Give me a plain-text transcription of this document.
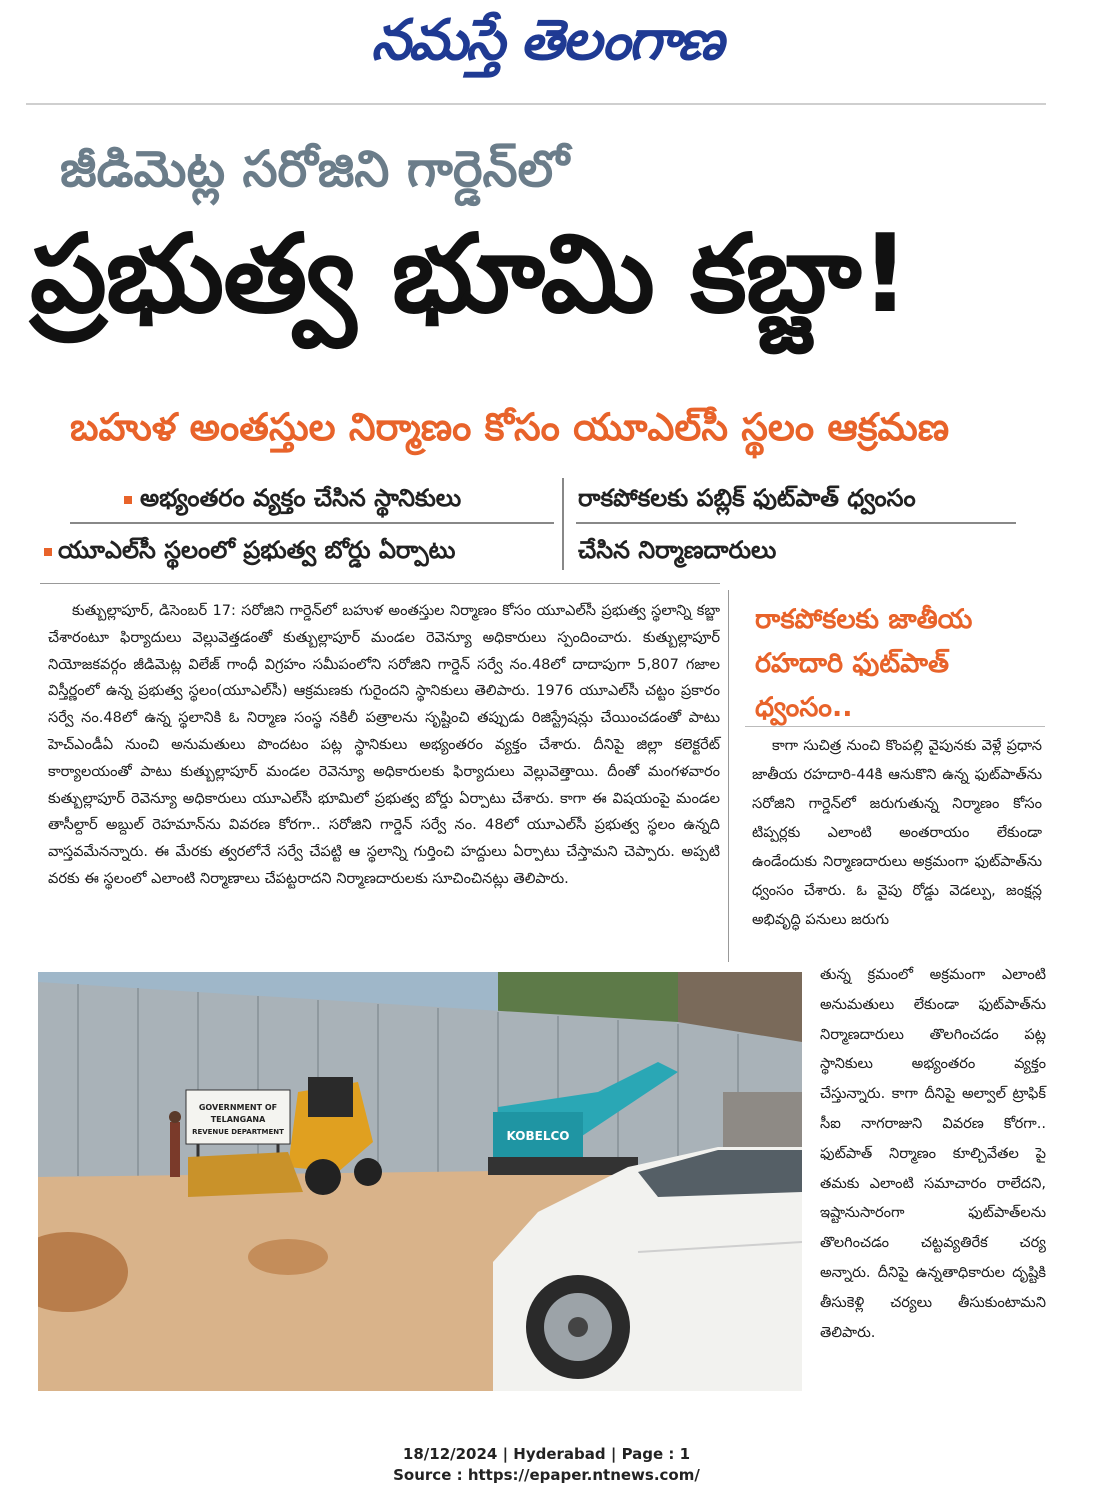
నమస్తే తెలంగాణ
జీడిమెట్ల సరోజిని గార్డెన్‌లో
ప్రభుత్వ భూమి కబ్జా!
బహుళ అంతస్తుల నిర్మాణం కోసం యూఎల్‌సీ స్థలం ఆక్రమణ
అభ్యంతరం వ్యక్తం చేసిన స్థానికులు
యూఎల్‌సీ స్థలంలో ప్రభుత్వ బోర్డు ఏర్పాటు
రాకపోకలకు పబ్లిక్ ఫుట్‌పాత్ ధ్వంసం
చేసిన నిర్మాణదారులు

కుత్బుల్లాపూర్, డిసెంబర్ 17: సరోజిని గార్డెన్‌లో బహుళ అంతస్తుల నిర్మాణం కోసం యూఎల్‌సీ ప్రభుత్వ స్థలాన్ని కబ్జా చేశారంటూ ఫిర్యాదులు వెల్లువెత్తడంతో కుత్బుల్లాపూర్ మండల రెవెన్యూ అధికారులు స్పందించారు. కుత్బుల్లాపూర్ నియోజకవర్గం జీడిమెట్ల విలేజ్ గాంధీ విగ్రహం సమీపంలోని సరోజిని గార్డెన్ సర్వే నం.48లో దాదాపుగా 5,807 గజాల విస్తీర్ణంలో ఉన్న ప్రభుత్వ స్థలం(యూఎల్‌సీ) ఆక్రమణకు గురైందని స్థానికులు తెలిపారు. 1976 యూఎల్‌సీ చట్టం ప్రకారం సర్వే నం.48లో ఉన్న స్థలానికి ఓ నిర్మాణ సంస్థ నకిలీ పత్రాలను సృష్టించి తప్పుడు రిజిస్ట్రేషన్లు చేయించడంతో పాటు హెచ్‌ఎండీఏ నుంచి అనుమతులు పొందటం పట్ల స్థానికులు అభ్యంతరం వ్యక్తం చేశారు. దీనిపై జిల్లా కలెక్టరేట్ కార్యాలయంతో పాటు కుత్బుల్లాపూర్ మండల రెవెన్యూ అధికారులకు ఫిర్యాదులు వెల్లువెత్తాయి. దీంతో మంగళవారం కుత్బుల్లాపూర్ రెవెన్యూ అధికారులు యూఎల్‌సీ భూమిలో ప్రభుత్వ బోర్డు ఏర్పాటు చేశారు. కాగా ఈ విషయంపై మండల తాసీల్దార్ అబ్దుల్ రెహమాన్‌ను వివరణ కోరగా.. సరోజిని గార్డెన్ సర్వే నం. 48లో యూఎల్‌సీ ప్రభుత్వ స్థలం ఉన్నది వాస్తవమేనన్నారు. ఈ మేరకు త్వరలోనే సర్వే చేపట్టి ఆ స్థలాన్ని గుర్తించి హద్దులు ఏర్పాటు చేస్తామని చెప్పారు. అప్పటి వరకు ఈ స్థలంలో ఎలాంటి నిర్మాణాలు చేపట్టరాదని నిర్మాణదారులకు సూచించినట్లు తెలిపారు.

రాకపోకలకు జాతీయ రహదారి ఫుట్‌పాత్ ధ్వంసం..

కాగా సుచిత్ర నుంచి కొంపల్లి వైపునకు వెళ్లే ప్రధాన జాతీయ రహదారి-44కి ఆనుకొని ఉన్న ఫుట్‌పాత్‌ను సరోజిని గార్డెన్‌లో జరుగుతున్న నిర్మాణం కోసం టిప్పర్లకు ఎలాంటి అంతరాయం లేకుండా ఉండేందుకు నిర్మాణదారులు అక్రమంగా ఫుట్‌పాత్‌ను ధ్వంసం చేశారు. ఓ వైపు రోడ్డు వెడల్పు, జంక్షన్ల అభివృద్ధి పనులు జరుగు

తున్న క్రమంలో అక్రమంగా ఎలాంటి అనుమతులు లేకుండా ఫుట్‌పాత్‌ను నిర్మాణదారులు తొలగించడం పట్ల స్థానికులు అభ్యంతరం వ్యక్తం చేస్తున్నారు. కాగా దీనిపై అల్వాల్ ట్రాఫిక్ సీఐ నాగరాజుని వివరణ కోరగా.. ఫుట్‌పాత్ నిర్మాణం కూల్చివేతల పై తమకు ఎలాంటి సమాచారం రాలేదని, ఇష్టానుసారంగా ఫుట్‌పాత్‌లను తొలగించడం చట్టవ్యతిరేక చర్య అన్నారు. దీనిపై ఉన్నతాధికారుల దృష్టికి తీసుకెళ్లి చర్యలు తీసుకుంటామని తెలిపారు.

GOVERNMENT OF
TELANGANA
REVENUE DEPARTMENT	KOBELCO
18/12/2024 | Hyderabad | Page : 1
Source : https://epaper.ntnews.com/
